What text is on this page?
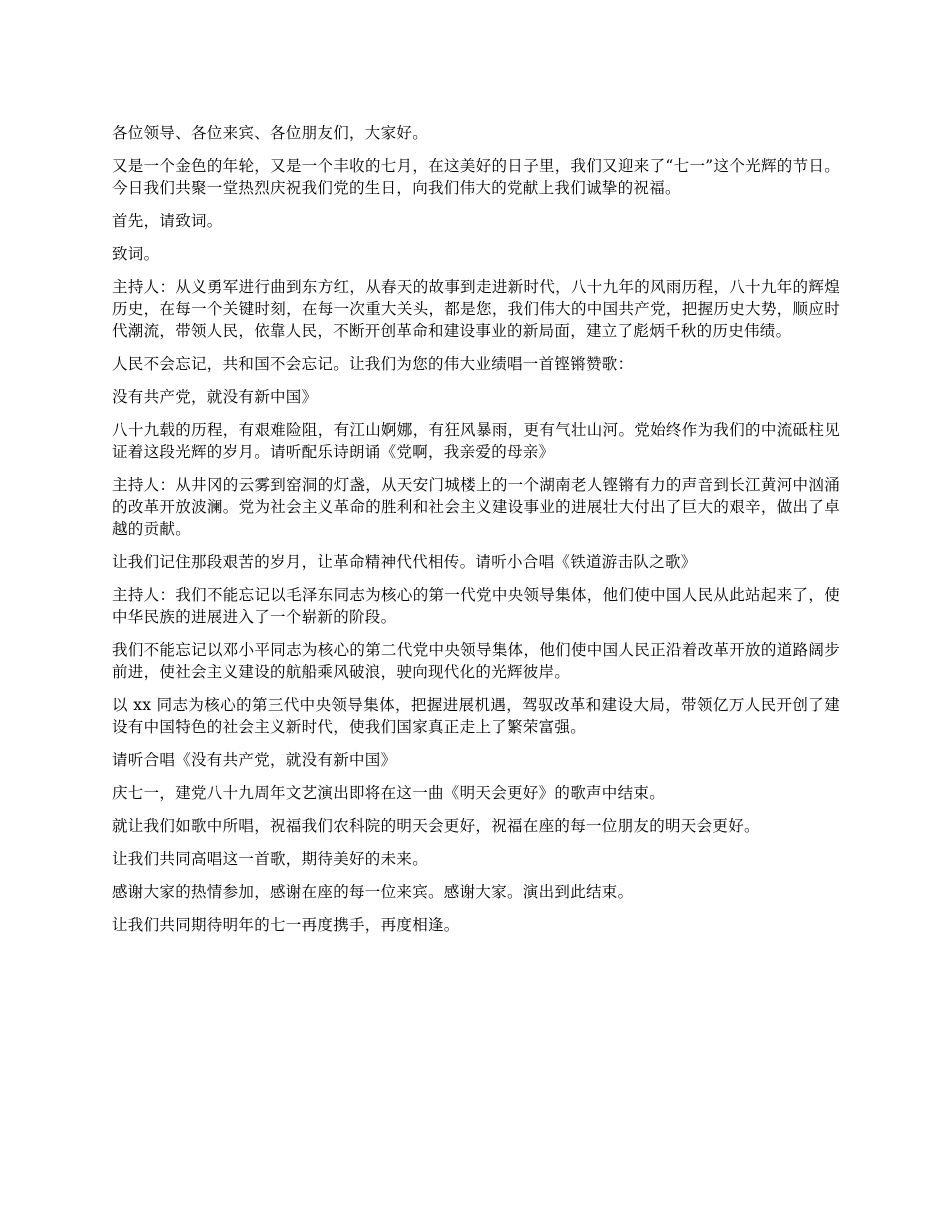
各位领导、各位来宾、各位朋友们，大家好。

又是一个金色的年轮，又是一个丰收的七月，在这美好的日子里，我们又迎来了“七一”这个光辉的节日。今日我们共聚一堂热烈庆祝我们党的生日，向我们伟大的党献上我们诚挚的祝福。

首先，请致词。

致词。

主持人：从义勇军进行曲到东方红，从春天的故事到走进新时代，八十九年的风雨历程，八十九年的辉煌历史，在每一个关键时刻，在每一次重大关头，都是您，我们伟大的中国共产党，把握历史大势，顺应时代潮流，带领人民，依靠人民，不断开创革命和建设事业的新局面，建立了彪炳千秋的历史伟绩。

人民不会忘记，共和国不会忘记。让我们为您的伟大业绩唱一首铿锵赞歌：

没有共产党，就没有新中国》

八十九载的历程，有艰难险阻，有江山婀娜，有狂风暴雨，更有气壮山河。党始终作为我们的中流砥柱见证着这段光辉的岁月。请听配乐诗朗诵《党啊，我亲爱的母亲》

主持人：从井冈的云雾到窑洞的灯盏，从天安门城楼上的一个湖南老人铿锵有力的声音到长江黄河中汹涌的改革开放波澜。党为社会主义革命的胜利和社会主义建设事业的进展壮大付出了巨大的艰辛，做出了卓越的贡献。

让我们记住那段艰苦的岁月，让革命精神代代相传。请听小合唱《铁道游击队之歌》

主持人：我们不能忘记以毛泽东同志为核心的第一代党中央领导集体，他们使中国人民从此站起来了，使中华民族的进展进入了一个崭新的阶段。

我们不能忘记以邓小平同志为核心的第二代党中央领导集体，他们使中国人民正沿着改革开放的道路阔步前进，使社会主义建设的航船乘风破浪，驶向现代化的光辉彼岸。

以 xx 同志为核心的第三代中央领导集体，把握进展机遇，驾驭改革和建设大局，带领亿万人民开创了建设有中国特色的社会主义新时代，使我们国家真正走上了繁荣富强。

请听合唱《没有共产党，就没有新中国》

庆七一，建党八十九周年文艺演出即将在这一曲《明天会更好》的歌声中结束。

就让我们如歌中所唱，祝福我们农科院的明天会更好，祝福在座的每一位朋友的明天会更好。

让我们共同高唱这一首歌，期待美好的未来。

感谢大家的热情参加，感谢在座的每一位来宾。感谢大家。演出到此结束。

让我们共同期待明年的七一再度携手，再度相逢。
